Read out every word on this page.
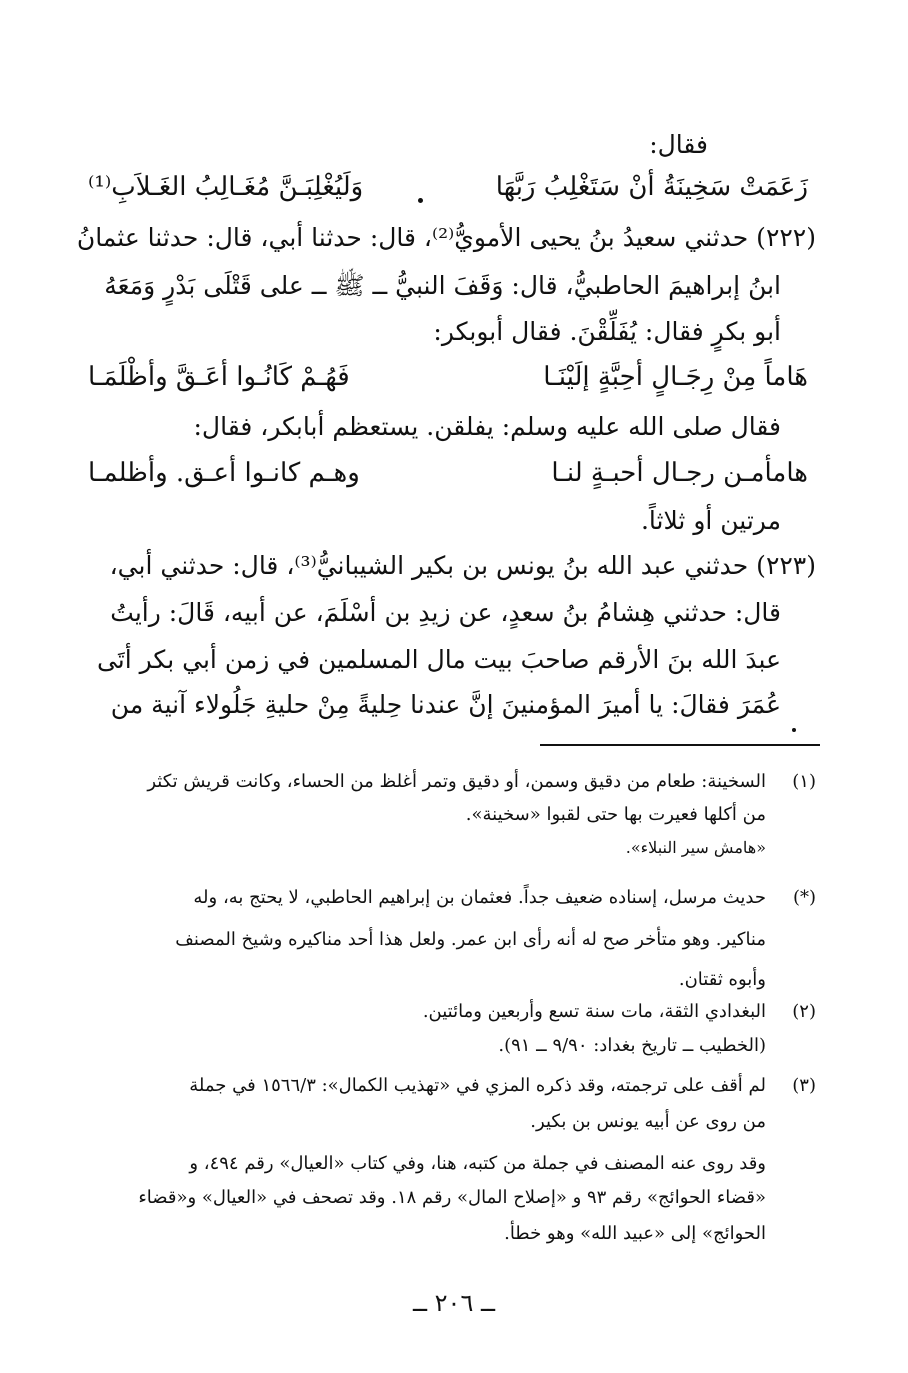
فقال:
زَعَمَتْ سَخِينَةُ أنْ سَتَغْلِبُ رَبَّهَا
وَلَيُغْلِبَـنَّ مُغَـالِبُ الغَـلاَبِ⁽¹⁾
(٢٢٢) حدثني سعيدُ بنُ يحيى الأمويُّ⁽²⁾، قال: حدثنا أبي، قال: حدثنا عثمانُ
ابنُ إبراهيمَ الحاطبيُّ، قال: وَقَفَ النبيُّ ــ ﷺ ــ على قَتْلَى بَدْرٍ وَمَعَهُ
أبو بكرٍ فقال: يُفَلِّقْنَ. فقال أبوبكر:
هَاماً مِنْ رِجَـالٍ أحِبَّةٍ إلَيْنَـا
فَهُـمْ كَانُـوا أعَـقَّ وأظْلَمَـا
فقال صلى الله عليه وسلم: يفلقن. يستعظم أبابكر، فقال:
هامأمـن رجـال أحبـةٍ لنـا
وهـم كانـوا أعـق. وأظلمـا
مرتين أو ثلاثاً.
(٢٢٣) حدثني عبد الله بنُ يونس بن بكير الشيبانيُّ⁽³⁾، قال: حدثني أبي،
قال: حدثني هِشامُ بنُ سعدٍ، عن زيدِ بن أسْلَمَ، عن أبيه، قَالَ: رأيتُ
عبدَ الله بنَ الأرقم صاحبَ بيت مال المسلمين في زمن أبي بكر أتَى
عُمَرَ فقالَ: يا أميرَ المؤمنينَ إنَّ عندنا حِليةً مِنْ حليةِ جَلُولاء آنية من
(١)
السخينة: طعام من دقيق وسمن، أو دقيق وتمر أغلظ من الحساء، وكانت قريش تكثر
من أكلها فعيرت بها حتى لقبوا «سخينة».
«هامش سير النبلاء».
(*)
حديث مرسل، إسناده ضعيف جداً. فعثمان بن إبراهيم الحاطبي، لا يحتج به، وله
مناكير. وهو متأخر صح له أنه رأى ابن عمر. ولعل هذا أحد مناكيره وشيخ المصنف
وأبوه ثقتان.
(٢)
البغدادي الثقة، مات سنة تسع وأربعين ومائتين.
(الخطيب ــ تاريخ بغداد: ٩/٩٠ ــ ٩١).
(٣)
لم أقف على ترجمته، وقد ذكره المزي في «تهذيب الكمال»: ١٥٦٦/٣ في جملة
من روى عن أبيه يونس بن بكير.
وقد روى عنه المصنف في جملة من كتبه، هنا، وفي كتاب «العيال» رقم ٤٩٤، و
«قضاء الحوائج» رقم ٩٣ و «إصلاح المال» رقم ١٨. وقد تصحف في «العيال» و«قضاء
الحوائج» إلى «عبيد الله» وهو خطأ.
ــ ٢٠٦ ــ
